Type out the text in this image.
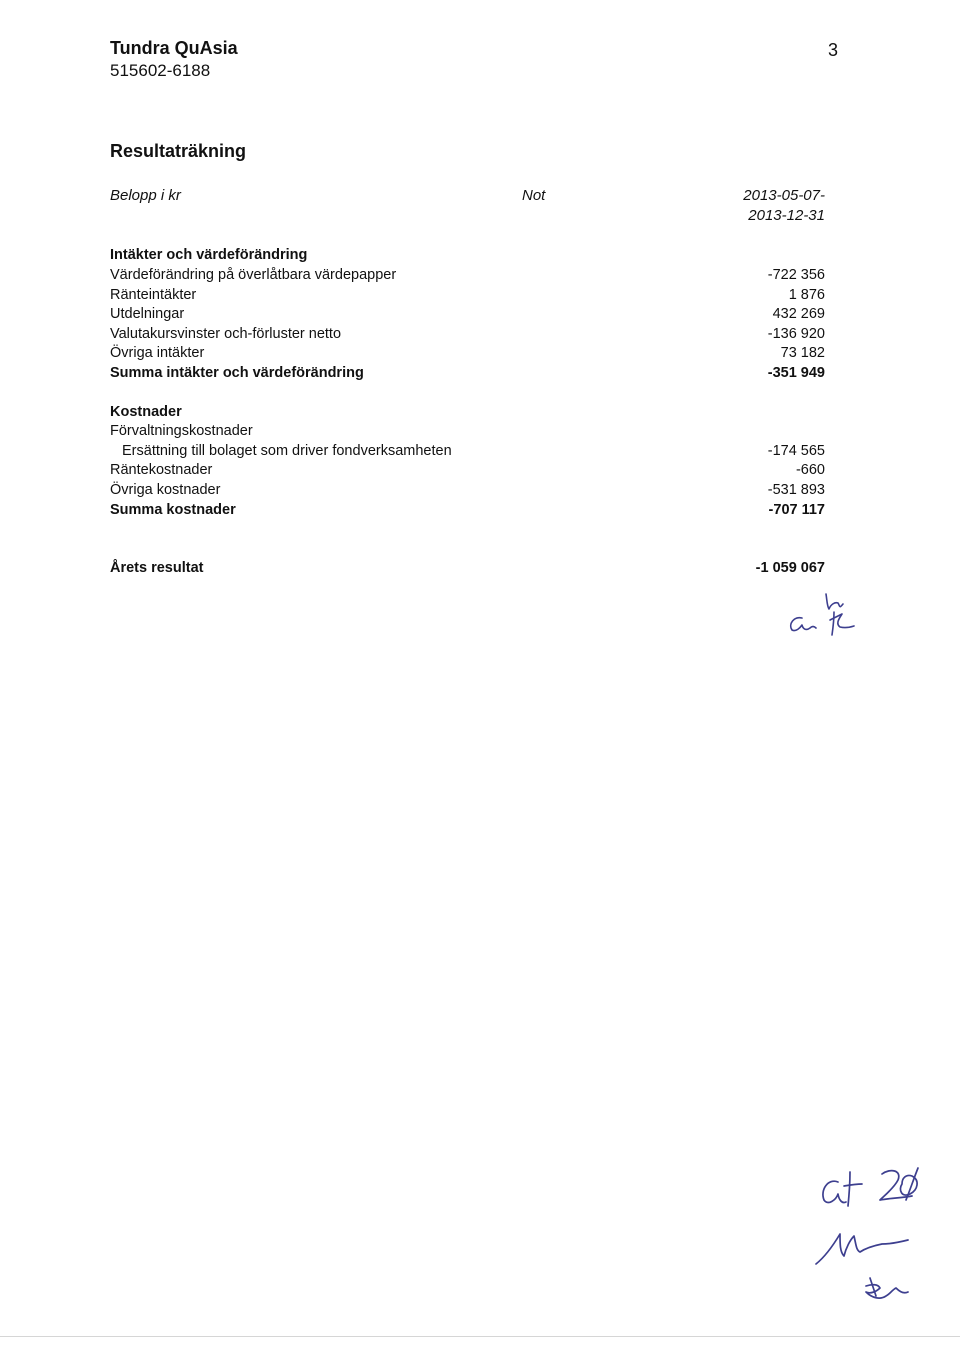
Tundra QuAsia
515602-6188
3
Resultaträkning
Belopp i kr	Not	2013-05-07-
2013-12-31
Intäkter och värdeförändring
Värdeförändring på överlåtbara värdepapper	-722 356
Ränteintäkter	1 876
Utdelningar	432 269
Valutakursvinster och-förluster netto	-136 920
Övriga intäkter	73 182
Summa intäkter och värdeförändring	-351 949
Kostnader
Förvaltningskostnader
Ersättning till bolaget som driver fondverksamheten	-174 565
Räntekostnader	-660
Övriga kostnader	-531 893
Summa kostnader	-707 117
Årets resultat	-1 059 067
